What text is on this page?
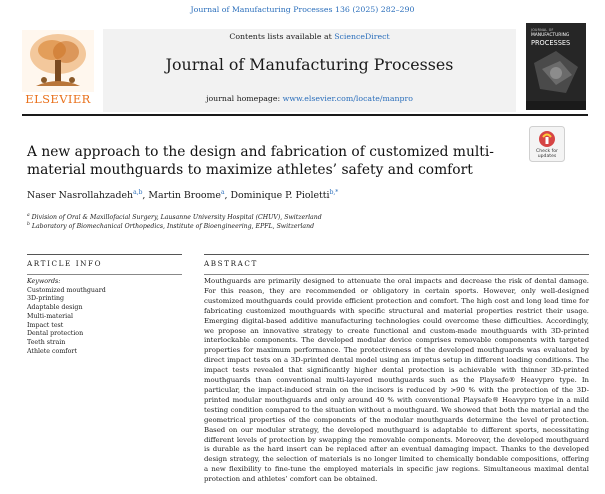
Journal of Manufacturing Processes 136 (2025) 282–290
ELSEVIER
Contents lists available at ScienceDirect
Journal of Manufacturing Processes
journal homepage: www.elsevier.com/locate/manpro
JOURNAL OF
MANUFACTURING
PROCESSES
Check for
updates
A new approach to the design and fabrication of customized multi-material mouthguards to maximize athletes’ safety and comfort
Naser Nasrollahzadeh$^{a,b}$, Martin Broome$^a$, Dominique P. Pioletti$^{b,*}$
$^a$ Division of Oral & Maxillofacial Surgery, Lausanne University Hospital (CHUV), Switzerland
$^b$ Laboratory of Biomechanical Orthopedics, Institute of Bioengineering, EPFL, Switzerland
ARTICLE INFO	ABSTRACT
Keywords:
Customized mouthguard
3D-printing
Adaptable design
Multi-material
Impact test
Dental protection
Teeth strain
Athlete comfort
Mouthguards are primarily designed to attenuate the oral impacts and decrease the risk of dental damage. For this reason, they are recommended or obligatory in certain sports. However, only well-designed customized mouthguards could provide efficient protection and comfort. The high cost and long lead time for fabricating customized mouthguards with specific structural and material properties restrict their usage. Emerging digital-based additive manufacturing technologies could overcome these difficulties. Accordingly, we propose an innovative strategy to create functional and custom-made mouthguards with 3D-printed interlockable components. The developed modular device comprises removable components with targeted properties for maximum performance. The protectiveness of the developed mouthguards was evaluated by direct impact tests on a 3D-printed dental model using an impetus setup in different loading conditions. The impact tests revealed that significantly higher dental protection is achievable with thinner 3D-printed mouthguards than conventional multi-layered mouthguards such as the Playsafe® Heavypro type. In particular, the impact-induced strain on the incisors is reduced by >90 % with the protection of the 3D-printed modular mouthguards and only around 40 % with conventional Playsafe® Heavypro type in a mild testing condition compared to the situation without a mouthguard. We showed that both the material and the geometrical properties of the components of the modular mouthguards determine the level of protection. Based on our modular strategy, the developed mouthguard is adaptable to different sports, necessitating different levels of protection by swapping the removable components. Moreover, the developed mouthguard is durable as the hard insert can be replaced after an eventual damaging impact. Thanks to the developed design strategy, the selection of materials is no longer limited to chemically bondable compositions, offering a new flexibility to fine-tune the employed materials in specific jaw regions. Simultaneous maximal dental protection and athletes’ comfort can be obtained.
